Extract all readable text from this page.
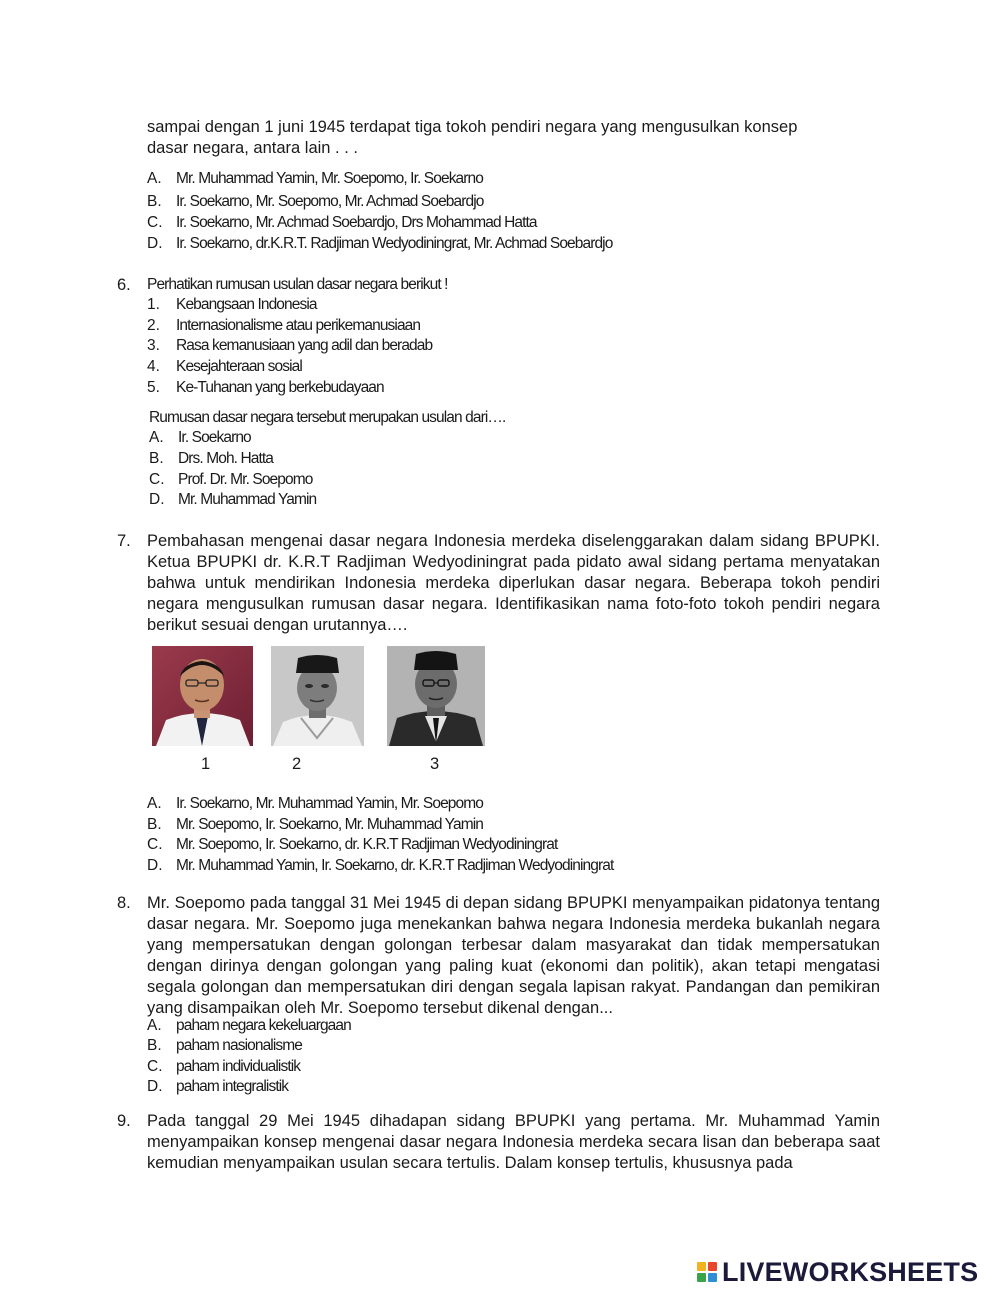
sampai dengan 1 juni 1945 terdapat tiga tokoh pendiri negara yang mengusulkan konsep
dasar negara, antara lain . . .
A. Mr. Muhammad Yamin, Mr. Soepomo, Ir. Soekarno
B. Ir. Soekarno, Mr. Soepomo, Mr. Achmad Soebardjo
C. Ir. Soekarno, Mr. Achmad Soebardjo, Drs Mohammad Hatta
D. Ir. Soekarno, dr.K.R.T. Radjiman Wedyodiningrat, Mr. Achmad Soebardjo
6. Perhatikan rumusan usulan dasar negara berikut !
1. Kebangsaan Indonesia
2. Internasionalisme atau perikemanusiaan
3. Rasa kemanusiaan yang adil dan beradab
4. Kesejahteraan sosial
5. Ke-Tuhanan yang berkebudayaan
Rumusan dasar negara tersebut merupakan usulan dari….
A. Ir. Soekarno
B. Drs. Moh. Hatta
C. Prof. Dr. Mr. Soepomo
D. Mr. Muhammad Yamin
7. Pembahasan mengenai dasar negara Indonesia merdeka diselenggarakan dalam sidang BPUPKI. Ketua BPUPKI dr. K.R.T Radjiman Wedyodiningrat pada pidato awal sidang pertama menyatakan bahwa untuk mendirikan Indonesia merdeka diperlukan dasar negara. Beberapa tokoh pendiri negara mengusulkan rumusan dasar negara. Identifikasikan nama foto-foto tokoh pendiri negara berikut sesuai dengan urutannya….
1	2	3
A. Ir. Soekarno, Mr. Muhammad Yamin, Mr. Soepomo
B. Mr. Soepomo, Ir. Soekarno, Mr. Muhammad Yamin
C. Mr. Soepomo, Ir. Soekarno, dr. K.R.T Radjiman Wedyodiningrat
D. Mr. Muhammad Yamin, Ir. Soekarno, dr. K.R.T Radjiman Wedyodiningrat
8. Mr. Soepomo pada tanggal 31 Mei 1945 di depan sidang BPUPKI menyampaikan pidatonya tentang dasar negara. Mr. Soepomo juga menekankan bahwa negara Indonesia merdeka bukanlah negara yang mempersatukan dengan golongan terbesar dalam masyarakat dan tidak mempersatukan dengan dirinya dengan golongan yang paling kuat (ekonomi dan politik), akan tetapi mengatasi segala golongan dan mempersatukan diri dengan segala lapisan rakyat. Pandangan dan pemikiran yang disampaikan oleh Mr. Soepomo tersebut dikenal dengan...
A. paham negara kekeluargaan
B. paham nasionalisme
C. paham individualistik
D. paham integralistik
9. Pada tanggal 29 Mei 1945 dihadapan sidang BPUPKI yang pertama. Mr. Muhammad Yamin menyampaikan konsep mengenai dasar negara Indonesia merdeka secara lisan dan beberapa saat kemudian menyampaikan usulan secara tertulis. Dalam konsep tertulis, khususnya pada
LIVEWORKSHEETS
